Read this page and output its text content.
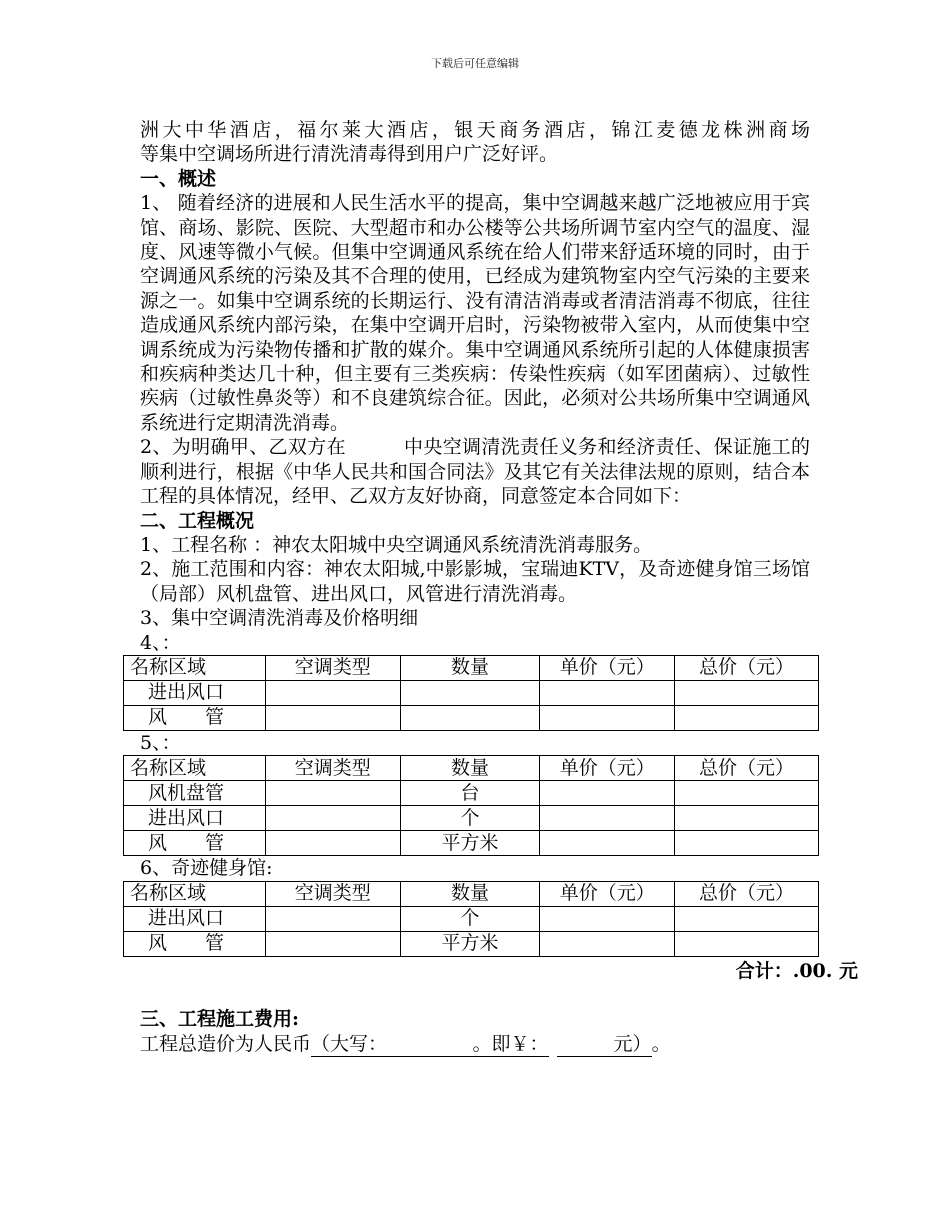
下载后可任意编辑

洲大中华酒店，福尔莱大酒店，银天商务酒店，锦江麦德龙株洲商场

等集中空调场所进行清洗清毒得到用户广泛好评。

一、概述

1、 随着经济的进展和人民生活水平的提高，集中空调越来越广泛地被应用于宾馆、商场、影院、医院、大型超市和办公楼等公共场所调节室内空气的温度、湿度、风速等微小气候。但集中空调通风系统在给人们带来舒适环境的同时，由于空调通风系统的污染及其不合理的使用，已经成为建筑物室内空气污染的主要来源之一。如集中空调系统的长期运行、没有清洁消毒或者清洁消毒不彻底，往往造成通风系统内部污染，在集中空调开启时，污染物被带入室内，从而使集中空调系统成为污染物传播和扩散的媒介。集中空调通风系统所引起的人体健康损害和疾病种类达几十种，但主要有三类疾病：传染性疾病（如军团菌病）、过敏性疾病（过敏性鼻炎等）和不良建筑综合征。因此，必须对公共场所集中空调通风系统进行定期清洗消毒。

2、为明确甲、乙双方在　　　中央空调清洗责任义务和经济责任、保证施工的顺利进行，根据《中华人民共和国合同法》及其它有关法律法规的原则，结合本工程的具体情况，经甲、乙双方友好协商，同意签定本合同如下：

二、工程概况

1、工程名称 ：神农太阳城中央空调通风系统清洗消毒服务。

2、施工范围和内容：神农太阳城,中影影城，宝瑞迪KTV，及奇迹健身馆三场馆（局部）风机盘管、进出风口，风管进行清洗消毒。

3、集中空调清洗消毒及价格明细

4、：

名称区域	空调类型	数量	单价（元）	总价（元）
进出风口				
风　　管				

5、：

名称区域	空调类型	数量	单价（元）	总价（元）
风机盘管		台		
进出风口		个		
风　　管		平方米		

6、奇迹健身馆:

名称区域	空调类型	数量	单价（元）	总价（元）
进出风口		个		
风　　管		平方米		

合计：.00. 元

三、工程施工费用:

工程总造价为人民币（大写：　　　　　。即￥：　　　元）。
